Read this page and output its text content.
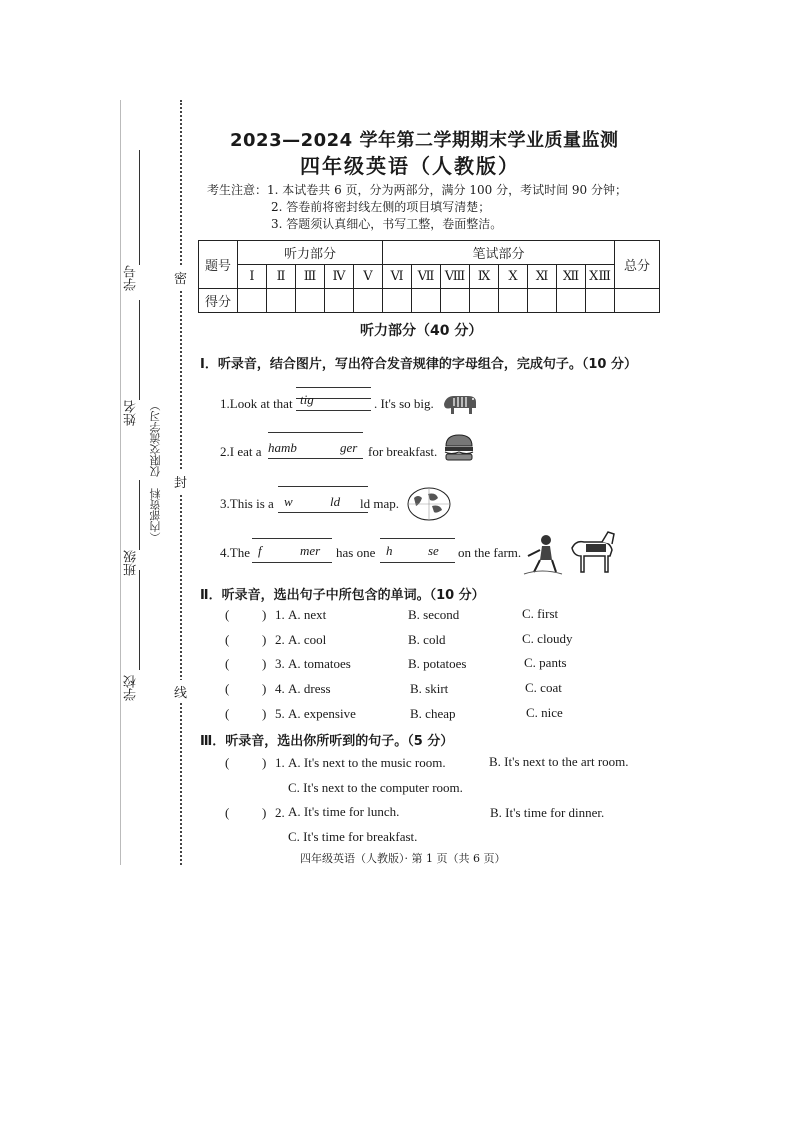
学号
姓名 （内部资料　仅限交流学习）
班级
学校
密
封
线
2023—2024 学年第二学期期末学业质量监测
四年级英语（人教版）
考生注意：1. 本试卷共 6 页，分为两部分，满分 100 分，考试时间 90 分钟；
2. 答卷前将密封线左侧的项目填写清楚；
3. 答题须认真细心，书写工整，卷面整洁。
题号	听力部分					笔试部分								总分
	Ⅰ	Ⅱ	Ⅲ	Ⅳ	Ⅴ	Ⅵ	Ⅶ	Ⅷ	Ⅸ	Ⅹ	Ⅺ	Ⅻ	ⅩⅢ	
得分														
听力部分（40 分）
Ⅰ．听录音，结合图片，写出符合发音规律的字母组合，完成句子。（10 分）
1.Look at that tig	. It's so big.
2.I eat a hamb	ger for breakfast.
3.This is a w	ld ld map.
4.The f	mer has one h	se on the farm.
Ⅱ．听录音，选出句子中所包含的单词。（10 分）
(	) 1. A. next	B. second	C. first
(	) 2. A. cool	B. cold	C. cloudy
(	) 3. A. tomatoes	B. potatoes	C. pants
(	) 4. A. dress	B. skirt	C. coat
(	) 5. A. expensive	B. cheap	C. nice
Ⅲ．听录音，选出你所听到的句子。（5 分）
(	) 1. A. It's next to the music room.	B. It's next to the art room.
C. It's next to the computer room.
(	) 2. A. It's time for lunch.	B. It's time for dinner.
C. It's time for breakfast.
四年级英语（人教版）· 第 1 页（共 6 页）
